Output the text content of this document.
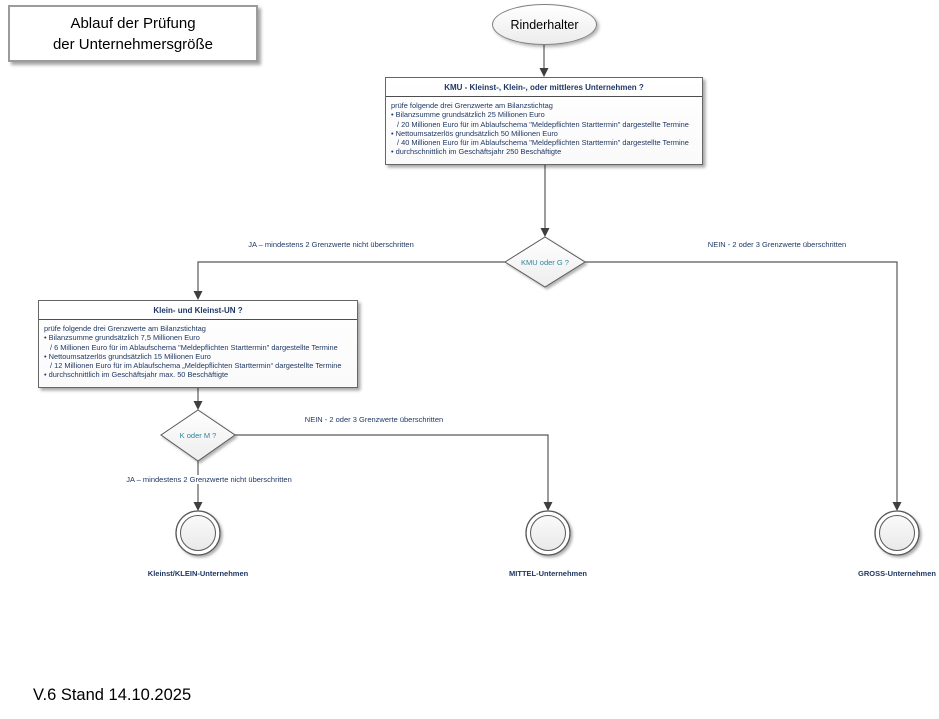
Ablauf der Prüfung
der Unternehmersgröße
Rinderhalter
KMU - Kleinst-, Klein-, oder mittleres Unternehmen ?
prüfe folgende drei Grenzwerte am Bilanzstichtag
• Bilanzsumme grundsätzlich 25 Millionen Euro
/ 20 Millionen Euro für im Ablaufschema "Meldepflichten Starttermin" dargestellte Termine
• Nettoumsatzerlös grundsätzlich 50 Millionen Euro
/ 40 Millionen Euro für im Ablaufschema "Meldepflichten Starttermin" dargestellte Termine
• durchschnittlich im Geschäftsjahr 250 Beschäftigte
Klein- und Kleinst-UN ?
prüfe folgende drei Grenzwerte am Bilanzstichtag
• Bilanzsumme grundsätzlich 7,5 Millionen Euro
/ 6 Millionen Euro für im Ablaufschema "Meldepflichten Starttermin" dargestellte Termine
• Nettoumsatzerlös grundsätzlich 15 Millionen Euro
/ 12 Millionen Euro für im Ablaufschema „Meldepflichten Starttermin“ dargestellte Termine
• durchschnittlich im Geschäftsjahr max. 50 Beschäftigte
KMU oder G ?
K oder M ?
JA – mindestens 2 Grenzwerte nicht überschritten	NEIN - 2 oder 3 Grenzwerte überschritten
NEIN - 2 oder 3 Grenzwerte überschritten
JA – mindestens 2 Grenzwerte nicht überschritten
Kleinst/KLEIN-Unternehmen	MITTEL-Unternehmen	GROSS-Unternehmen
V.6 Stand 14.10.2025
